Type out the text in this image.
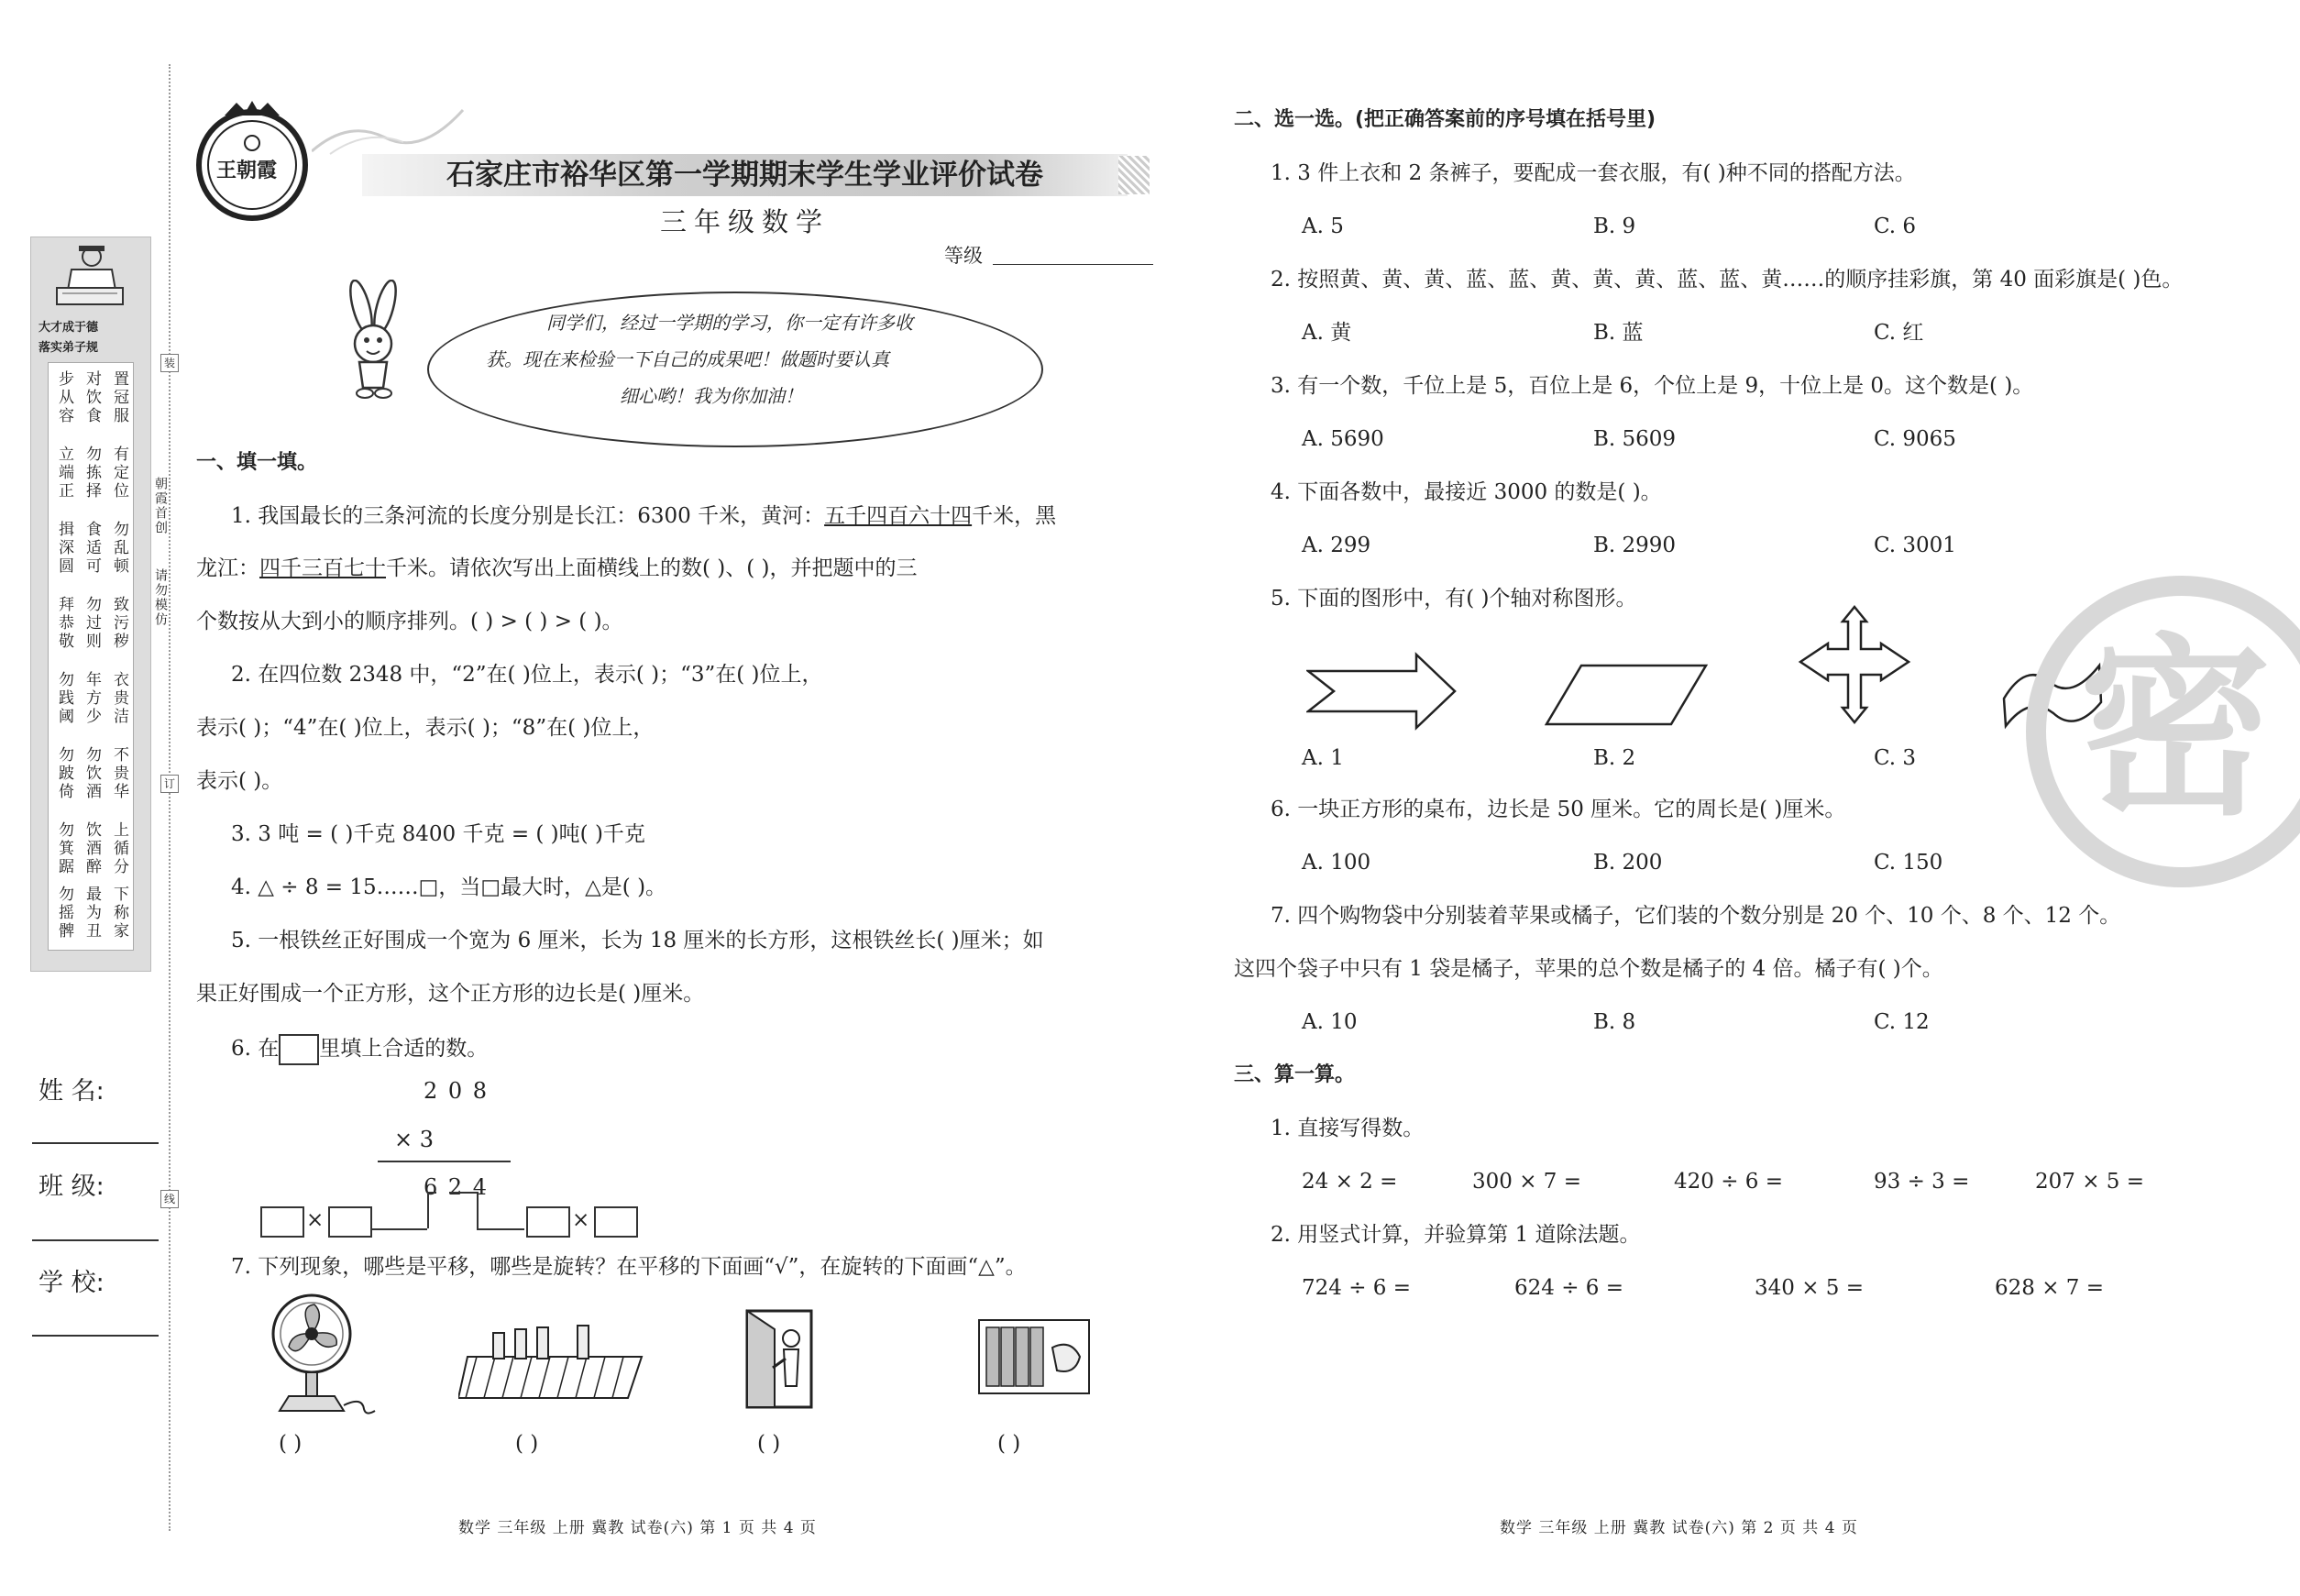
朝霞首创
请勿模仿
装
订
线
大才成于德
落实弟子规
置冠服
对饮食
步从容
有定位
勿拣择
立端正
勿乱顿
食适可
揖深圆
致污秽
勿过则
拜恭敬
衣贵洁
年方少
勿践阈
不贵华
勿饮酒
勿跛倚
上循分
饮酒醉
勿箕踞
下称家
最为丑
勿摇髀
姓 名:
班 级:
学 校:
王朝霞	石家庄市裕华区第一学期期末学生学业评价试卷
三年级数学
等级
同学们，经过一学期的学习，你一定有许多收
获。现在来检验一下自己的成果吧！做题时要认真
细心哟！我为你加油！
一、填一填。
1. 我国最长的三条河流的长度分别是长江：6300 千米，黄河：五千四百六十四千米，黑
龙江：四千三百七十千米。请依次写出上面横线上的数( )、( )，并把题中的三
个数按从大到小的顺序排列。( ) > ( ) > ( )。
2. 在四位数 2348 中，“2”在( )位上，表示( )；“3”在( )位上，
表示( )；“4”在( )位上，表示( )；“8”在( )位上，
表示( )。
3. 3 吨 = ( )千克 8400 千克 = ( )吨( )千克
4. △ ÷ 8 = 15……□，当□最大时，△是( )。
5. 一根铁丝正好围成一个宽为 6 厘米，长为 18 厘米的长方形，这根铁丝长( )厘米；如
果正好围成一个正方形，这个正方形的边长是( )厘米。
6. 在 里填上合适的数。
2 0 8
× 3
6 2 4
×	×
7. 下列现象，哪些是平移，哪些是旋转？在平移的下面画“√”，在旋转的下面画“△”。
( )	( )	( )	( )
数学 三年级 上册 冀教 试卷(六) 第 1 页 共 4 页
二、选一选。(把正确答案前的序号填在括号里)
1. 3 件上衣和 2 条裤子，要配成一套衣服，有( )种不同的搭配方法。
A. 5	B. 9	C. 6
2. 按照黄、黄、黄、蓝、蓝、黄、黄、黄、蓝、蓝、黄……的顺序挂彩旗，第 40 面彩旗是( )色。
A. 黄	B. 蓝	C. 红
3. 有一个数，千位上是 5，百位上是 6，个位上是 9，十位上是 0。这个数是( )。
A. 5690	B. 5609	C. 9065
4. 下面各数中，最接近 3000 的数是( )。
A. 299	B. 2990	C. 3001
5. 下面的图形中，有( )个轴对称图形。
A. 1	B. 2	C. 3
6. 一块正方形的桌布，边长是 50 厘米。它的周长是( )厘米。
A. 100	B. 200	C. 150
7. 四个购物袋中分别装着苹果或橘子，它们装的个数分别是 20 个、10 个、8 个、12 个。
这四个袋子中只有 1 袋是橘子，苹果的总个数是橘子的 4 倍。橘子有( )个。
A. 10	B. 8	C. 12
三、算一算。
1. 直接写得数。
24 × 2 =	300 × 7 =	420 ÷ 6 =	93 ÷ 3 =	207 × 5 =
2. 用竖式计算，并验算第 1 道除法题。
724 ÷ 6 =	624 ÷ 6 =	340 × 5 =	628 × 7 =
数学 三年级 上册 冀教 试卷(六) 第 2 页 共 4 页
密
